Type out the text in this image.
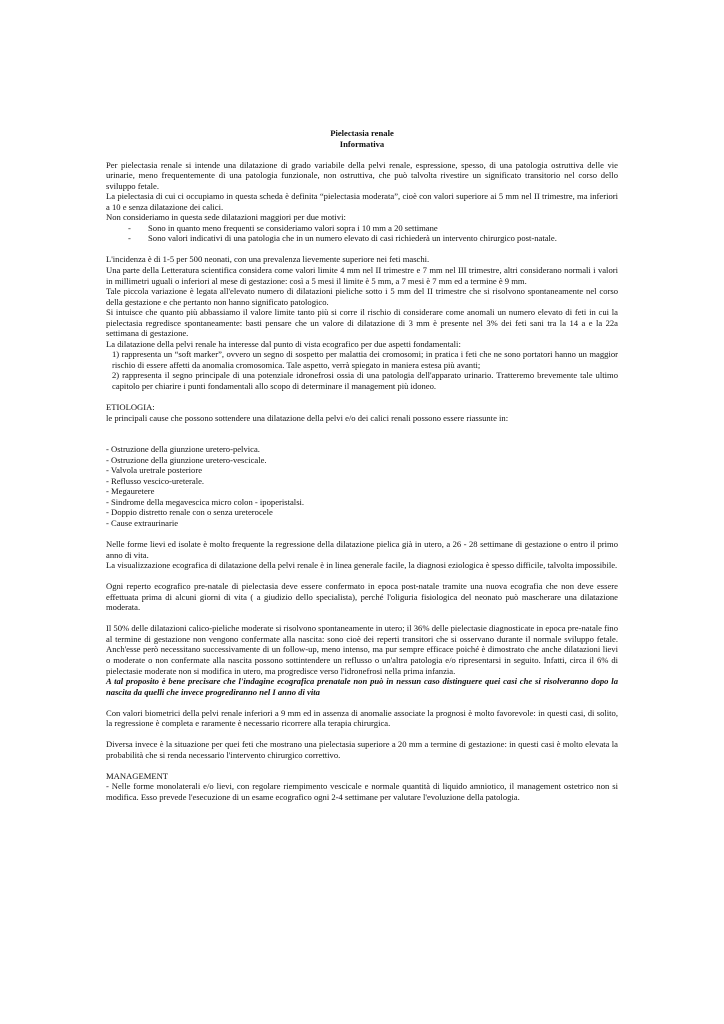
Pielectasia renale

Informativa

Per pielectasia renale si intende una dilatazione di grado variabile della pelvi renale, espressione, spesso, di una patologia ostruttiva delle vie urinarie, meno frequentemente di una patologia funzionale, non ostruttiva, che può talvolta rivestire un significato transitorio nel corso dello sviluppo fetale.

La pielectasia di cui ci occupiamo in questa scheda è definita “pielectasia moderata”, cioè con valori superiore ai 5 mm nel II trimestre, ma inferiori a 10 e senza dilatazione dei calici.

Non consideriamo in questa sede dilatazioni maggiori per due motivi:

- Sono in quanto meno frequenti se consideriamo valori sopra i 10 mm a 20 settimane
- Sono valori indicativi di una patologia che in un numero elevato di casi richiederà un intervento chirurgico post-natale.

L'incidenza è di 1-5 per 500 neonati, con una prevalenza lievemente superiore nei feti maschi.

Una parte della Letteratura scientifica considera come valori limite 4 mm nel II trimestre e 7 mm nel III trimestre, altri considerano normali i valori in millimetri uguali o inferiori al mese di gestazione: così a 5 mesi il limite è 5 mm, a 7 mesi è 7 mm ed a termine è 9 mm.

Tale piccola variazione è legata all'elevato numero di dilatazioni pieliche sotto i 5 mm del II trimestre che si risolvono spontaneamente nel corso della gestazione e che pertanto non hanno significato patologico.

Si intuisce che quanto più abbassiamo il valore limite tanto più si corre il rischio di considerare come anomali un numero elevato di feti in cui la pielectasia regredisce spontaneamente: basti pensare che un valore di dilatazione di 3 mm è presente nel 3% dei feti sani tra la 14 a e la 22a settimana di gestazione.

La dilatazione della pelvi renale ha interesse dal punto di vista ecografico per due aspetti fondamentali:

1) rappresenta un “soft marker”, ovvero un segno di sospetto per malattia dei cromosomi; in pratica i feti che ne sono portatori hanno un maggior rischio di essere affetti da anomalia cromosomica. Tale aspetto, verrà spiegato in maniera estesa più avanti;

2) rappresenta il segno principale di una potenziale idronefrosi ossia di una patologia dell'apparato urinario. Tratteremo brevemente tale ultimo capitolo per chiarire i punti fondamentali allo scopo di determinare il management più idoneo.

ETIOLOGIA:

le principali cause che possono sottendere una dilatazione della pelvi e/o dei calici renali possono essere riassunte in:

- Ostruzione della giunzione uretero-pelvica.

- Ostruzione della giunzione uretero-vescicale.

- Valvola uretrale posteriore

- Reflusso vescico-ureterale.

- Megauretere

- Sindrome della megavescica micro colon - ipoperistalsi.

- Doppio distretto renale con o senza ureterocele

- Cause extraurinarie

Nelle forme lievi ed isolate è molto frequente la regressione della dilatazione pielica già in utero, a 26 - 28 settimane di gestazione o entro il primo anno di vita.

La visualizzazione ecografica di dilatazione della pelvi renale è in linea generale facile, la diagnosi eziologica è spesso difficile, talvolta impossibile.

Ogni reperto ecografico pre-natale di pielectasia deve essere confermato in epoca post-natale tramite una nuova ecografia che non deve essere effettuata prima di alcuni giorni di vita ( a giudizio dello specialista), perché l'oliguria fisiologica del neonato può mascherare una dilatazione moderata.

Il 50% delle dilatazioni calico-pieliche moderate si risolvono spontaneamente in utero; il 36% delle pielectasie diagnosticate in epoca pre-natale fino al termine di gestazione non vengono confermate alla nascita: sono cioè dei reperti transitori che si osservano durante il normale sviluppo fetale. Anch'esse però necessitano successivamente di un follow-up, meno intenso, ma pur sempre efficace poiché è dimostrato che anche dilatazioni lievi o moderate o non confermate alla nascita possono sottintendere un reflusso o un'altra patologia e/o ripresentarsi in seguito. Infatti, circa il 6% di pielectasie moderate non si modifica in utero, ma progredisce verso l'idronefrosi nella prima infanzia.

A tal proposito è bene precisare che l'indagine ecografica prenatale non può in nessun caso distinguere quei casi che si risolveranno dopo la nascita da quelli che invece progrediranno nel I anno di vita

Con valori biometrici della pelvi renale inferiori a 9 mm ed in assenza di anomalie associate la prognosi è molto favorevole: in questi casi, di solito, la regressione è completa e raramente è necessario ricorrere alla terapia chirurgica.

Diversa invece è la situazione per quei feti che mostrano una pielectasia superiore a 20 mm a termine di gestazione: in questi casi è molto elevata la probabilità che si renda necessario l'intervento chirurgico correttivo.

MANAGEMENT

- Nelle forme monolaterali e/o lievi, con regolare riempimento vescicale e normale quantità di liquido amniotico, il management ostetrico non si modifica. Esso prevede l'esecuzione di un esame ecografico ogni 2-4 settimane per valutare l'evoluzione della patologia.
